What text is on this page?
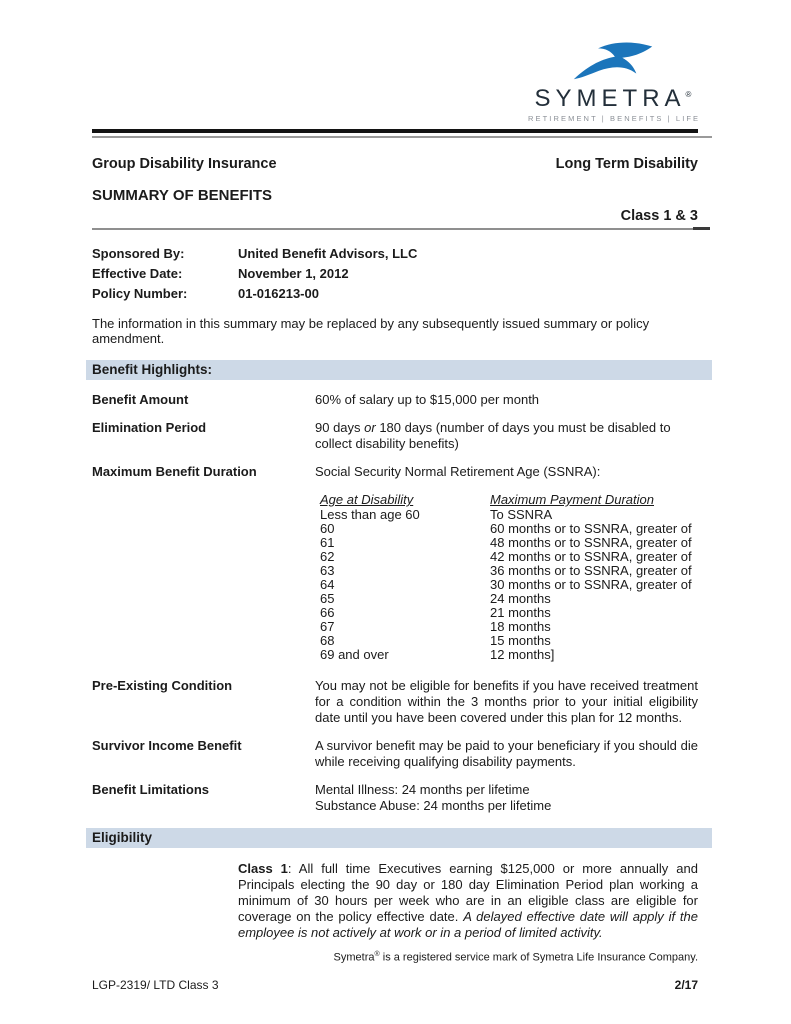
SYMETRA®
RETIREMENT | BENEFITS | LIFE
Group Disability Insurance	Long Term Disability
SUMMARY OF BENEFITS
Class 1 & 3
Sponsored By:	United Benefit Advisors, LLC
Effective Date:	November 1, 2012
Policy Number:	01-016213-00
The information in this summary may be replaced by any subsequently issued summary or policy amendment.
Benefit Highlights:
Benefit Amount	60% of salary up to $15,000 per month
Elimination Period	90 days or 180 days (number of days you must be disabled to collect disability benefits)
Maximum Benefit Duration	Social Security Normal Retirement Age (SSNRA):
Age at Disability	Maximum Payment Duration
Less than age 60	To SSNRA
60	60 months or to SSNRA, greater of
61	48 months or to SSNRA, greater of
62	42 months or to SSNRA, greater of
63	36 months or to SSNRA, greater of
64	30 months or to SSNRA, greater of
65	24 months
66	21 months
67	18 months
68	15 months
69 and over	12 months]
Pre-Existing Condition	You may not be eligible for benefits if you have received treatment for a condition within the 3 months prior to your initial eligibility date until you have been covered under this plan for 12 months.
Survivor Income Benefit	A survivor benefit may be paid to your beneficiary if you should die while receiving qualifying disability payments.
Benefit Limitations	Mental Illness: 24 months per lifetime
Substance Abuse: 24 months per lifetime
Eligibility
Class 1: All full time Executives earning $125,000 or more annually and Principals electing the 90 day or 180 day Elimination Period plan working a minimum of 30 hours per week who are in an eligible class are eligible for coverage on the policy effective date. A delayed effective date will apply if the employee is not actively at work or in a period of limited activity.
Symetra® is a registered service mark of Symetra Life Insurance Company.
LGP-2319/ LTD Class 3	2/17
